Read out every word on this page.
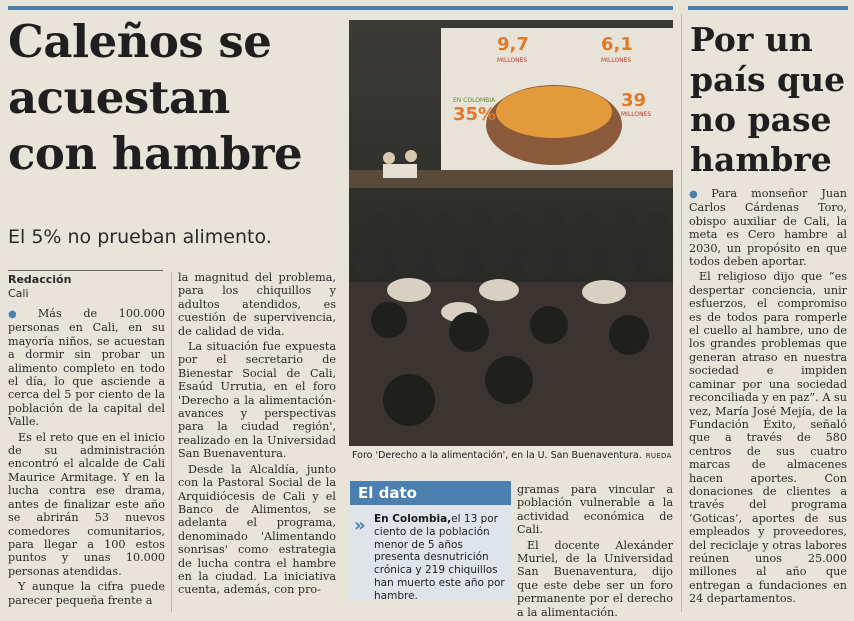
Caleños se
acuestan
con hambre
El 5% no prueban alimento.
Redacción
Cali

● Más de 100.000 personas en Cali, en su mayoría niños, se acuestan a dormir sin probar un alimento completo en todo el día, lo que asciende a cerca del 5 por ciento de la población de la capital del Valle.

Es el reto que en el inicio de su administración encontró el alcalde de Cali Maurice Armitage. Y en la lucha contra ese drama, antes de finalizar este año se abrirán 53 nuevos comedores comunitarios, para llegar a 100 estos puntos y unas 10.000 personas atendidas.

Y aunque la cifra puede parecer pequeña frente a

la magnitud del problema, para los chiquillos y adultos atendidos, es cuestión de supervivencia, de calidad de vida.

La situación fue expuesta por el secretario de Bienestar Social de Cali, Esaúd Urrutia, en el foro 'Derecho a la alimentación- avances y perspectivas para la ciudad región', realizado en la Universidad San Buenaventura.

Desde la Alcaldía, junto con la Pastoral Social de la Arquidiócesis de Cali y el Banco de Alimentos, se adelanta el programa, denominado 'Alimentando sonrisas' como estrategia de lucha contra el hambre en la ciudad. La iniciativa cuenta, además, con pro-

9,7
MILLONES
6,1
MILLONES
EN COLOMBIA
35%
39
MILLONES
Foro 'Derecho a la alimentación', en la U. San Buenaventura. RUEDA
El dato
» En Colombia,el 13 por ciento de la población menor de 5 años presenta desnutrición crónica y 219 chiquillos han muerto este año por hambre.

gramas para vincular a población vulnerable a la actividad económica de Cali.

El docente Alexánder Muriel, de la Universidad San Buenaventura, dijo que este debe ser un foro permanente por el derecho a la alimentación.

Por un
país que
no pase
hambre

● Para monseñor Juan Carlos Cárdenas Toro, obispo auxiliar de Cali, la meta es Cero hambre al 2030, un propósito en que todos deben aportar.

El religioso dijo que “es despertar conciencia, unir esfuerzos, el compromiso es de todos para romperle el cuello al hambre, uno de los grandes problemas que generan atraso en nuestra sociedad e impiden caminar por una sociedad reconciliada y en paz”. A su vez, María José Mejía, de la Fundación Éxito, señaló que a través de 580 centros de sus cuatro marcas de almacenes hacen aportes. Con donaciones de clientes a través del programa ‘Goticas’, aportes de sus empleados y proveedores, del reciclaje y otras labores reúnen unos 25.000 millones al año que entregan a fundaciones en 24 departamentos.
